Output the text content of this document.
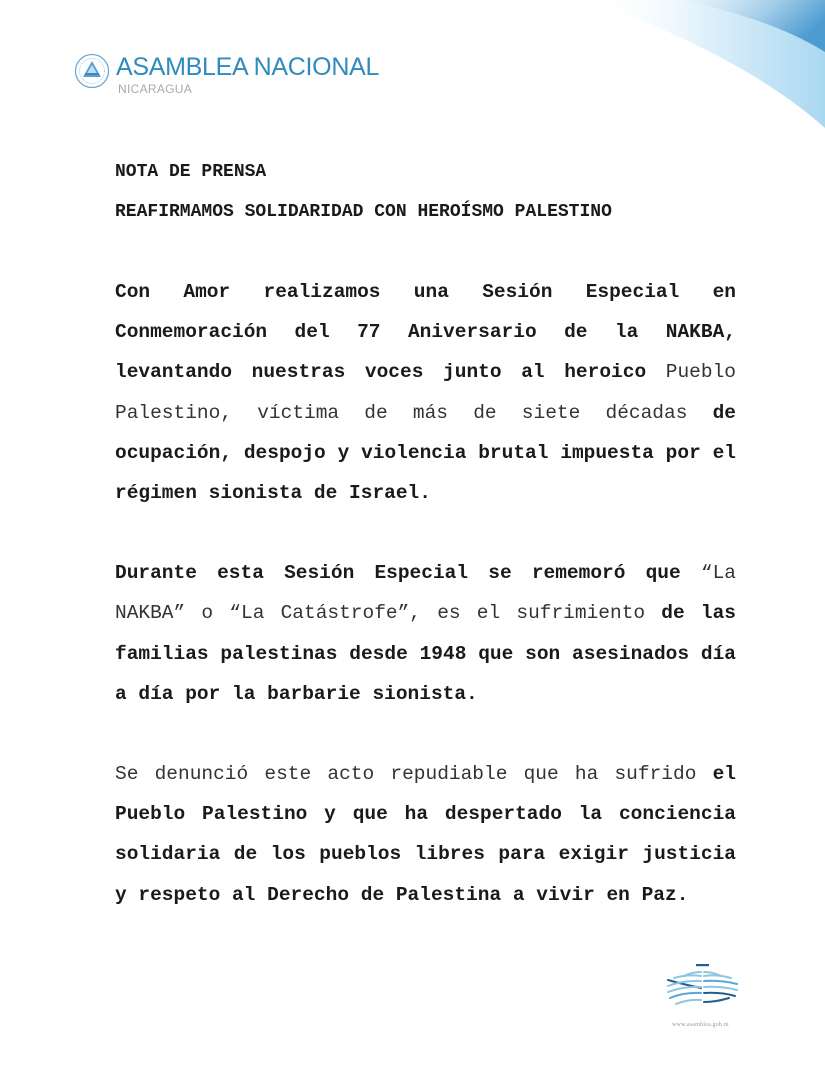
ASAMBLEA NACIONAL
NICARAGUA

NOTA DE PRENSA

REAFIRMAMOS SOLIDARIDAD CON HEROÍSMO PALESTINO

Con Amor realizamos una Sesión Especial en Conmemoración del 77 Aniversario de la NAKBA, levantando nuestras voces junto al heroico Pueblo Palestino, víctima de más de siete décadas de ocupación, despojo y violencia brutal impuesta por el régimen sionista de Israel.

Durante esta Sesión Especial se rememoró que “La NAKBA” o “La Catástrofe”, es el sufrimiento de las familias palestinas desde 1948 que son asesinados día a día por la barbarie sionista.

Se denunció este acto repudiable que ha sufrido el Pueblo Palestino y que ha despertado la conciencia solidaria de los pueblos libres para exigir justicia y respeto al Derecho de Palestina a vivir en Paz.

www.asamblea.gob.ni
